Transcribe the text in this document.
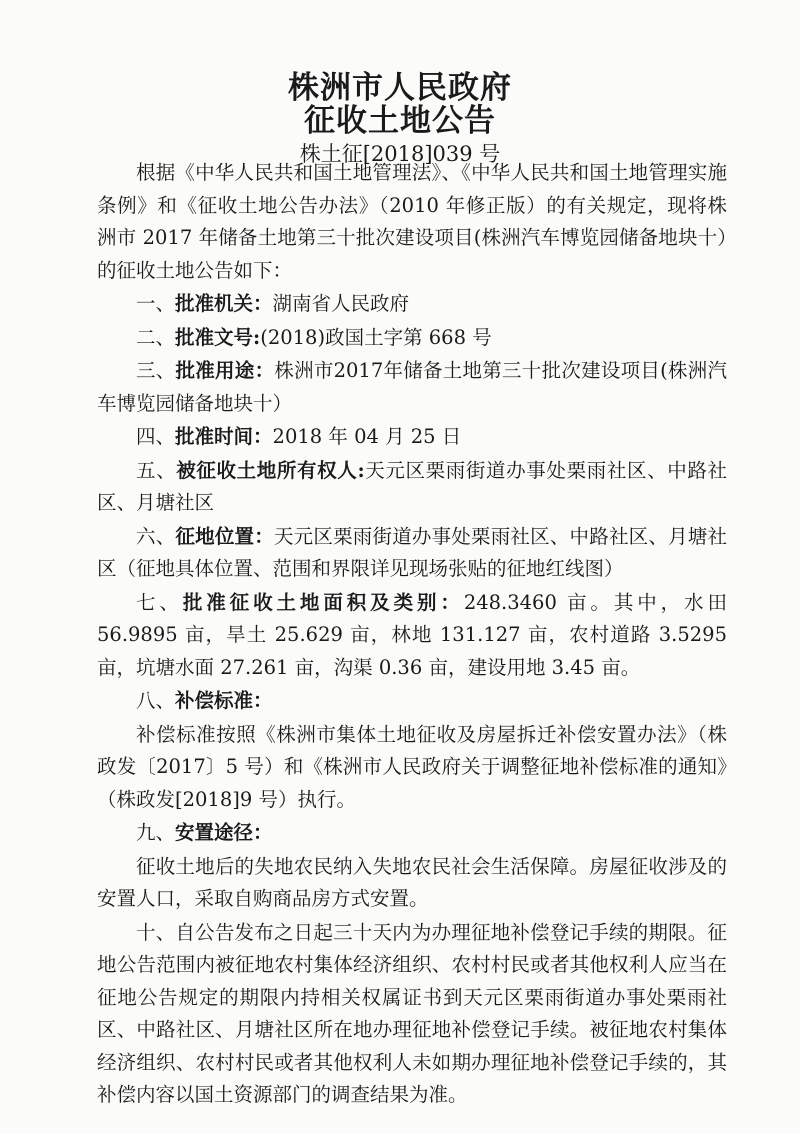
株洲市人民政府
征收土地公告
株土征[2018]039 号

根据《中华人民共和国土地管理法》、《中华人民共和国土地管理实施条例》和《征收土地公告办法》（2010 年修正版）的有关规定，现将株洲市 2017 年储备土地第三十批次建设项目(株洲汽车博览园储备地块十）的征收土地公告如下：

一、批准机关：湖南省人民政府

二、批准文号:(2018)政国土字第 668 号

三、批准用途：株洲市2017年储备土地第三十批次建设项目(株洲汽车博览园储备地块十）

四、批准时间：2018 年 04 月 25 日

五、被征收土地所有权人:天元区栗雨街道办事处栗雨社区、中路社区、月塘社区

六、征地位置：天元区栗雨街道办事处栗雨社区、中路社区、月塘社区（征地具体位置、范围和界限详见现场张贴的征地红线图）

七、批准征收土地面积及类别：248.3460 亩。其中，水田 56.9895 亩，旱土 25.629 亩，林地 131.127 亩，农村道路 3.5295 亩，坑塘水面 27.261 亩，沟渠 0.36 亩，建设用地 3.45 亩。

八、补偿标准：

补偿标准按照《株洲市集体土地征收及房屋拆迁补偿安置办法》（株政发〔2017〕5 号）和《株洲市人民政府关于调整征地补偿标准的通知》（株政发[2018]9 号）执行。

九、安置途径：

征收土地后的失地农民纳入失地农民社会生活保障。房屋征收涉及的安置人口，采取自购商品房方式安置。

十、自公告发布之日起三十天内为办理征地补偿登记手续的期限。征地公告范围内被征地农村集体经济组织、农村村民或者其他权利人应当在征地公告规定的期限内持相关权属证书到天元区栗雨街道办事处栗雨社区、中路社区、月塘社区所在地办理征地补偿登记手续。被征地农村集体经济组织、农村村民或者其他权利人未如期办理征地补偿登记手续的，其补偿内容以国土资源部门的调查结果为准。
